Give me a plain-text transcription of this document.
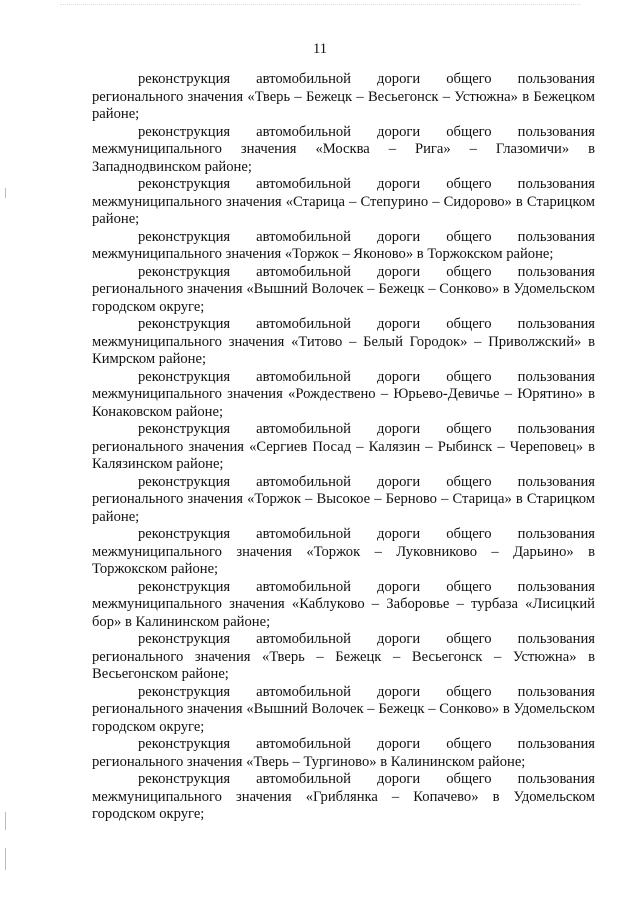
11

реконструкция автомобильной дороги общего пользования регионального значения «Тверь – Бежецк – Весьегонск – Устюжна» в Бежецком районе;

реконструкция автомобильной дороги общего пользования межмуниципального значения «Москва – Рига» – Глазомичи» в Западнодвинском районе;

реконструкция автомобильной дороги общего пользования межмуниципального значения «Старица – Степурино – Сидорово» в Старицком районе;

реконструкция автомобильной дороги общего пользования межмуниципального значения «Торжок – Яконово» в Торжокском районе;

реконструкция автомобильной дороги общего пользования регионального значения «Вышний Волочек – Бежецк – Сонково» в Удомельском городском округе;

реконструкция автомобильной дороги общего пользования межмуниципального значения «Титово – Белый Городок» – Приволжский» в Кимрском районе;

реконструкция автомобильной дороги общего пользования межмуниципального значения «Рождествено – Юрьево-Девичье – Юрятино» в Конаковском районе;

реконструкция автомобильной дороги общего пользования регионального значения «Сергиев Посад – Калязин – Рыбинск – Череповец» в Калязинском районе;

реконструкция автомобильной дороги общего пользования регионального значения «Торжок – Высокое – Берново – Старица» в Старицком районе;

реконструкция автомобильной дороги общего пользования межмуниципального значения «Торжок – Луковниково – Дарьино» в Торжокском районе;

реконструкция автомобильной дороги общего пользования межмуниципального значения «Каблуково – Заборовье – турбаза «Лисицкий бор» в Калининском районе;

реконструкция автомобильной дороги общего пользования регионального значения «Тверь – Бежецк – Весьегонск – Устюжна» в Весьегонском районе;

реконструкция автомобильной дороги общего пользования регионального значения «Вышний Волочек – Бежецк – Сонково» в Удомельском городском округе;

реконструкция автомобильной дороги общего пользования регионального значения «Тверь – Тургиново» в Калининском районе;

реконструкция автомобильной дороги общего пользования межмуниципального значения «Гриблянка – Копачево» в Удомельском городском округе;
